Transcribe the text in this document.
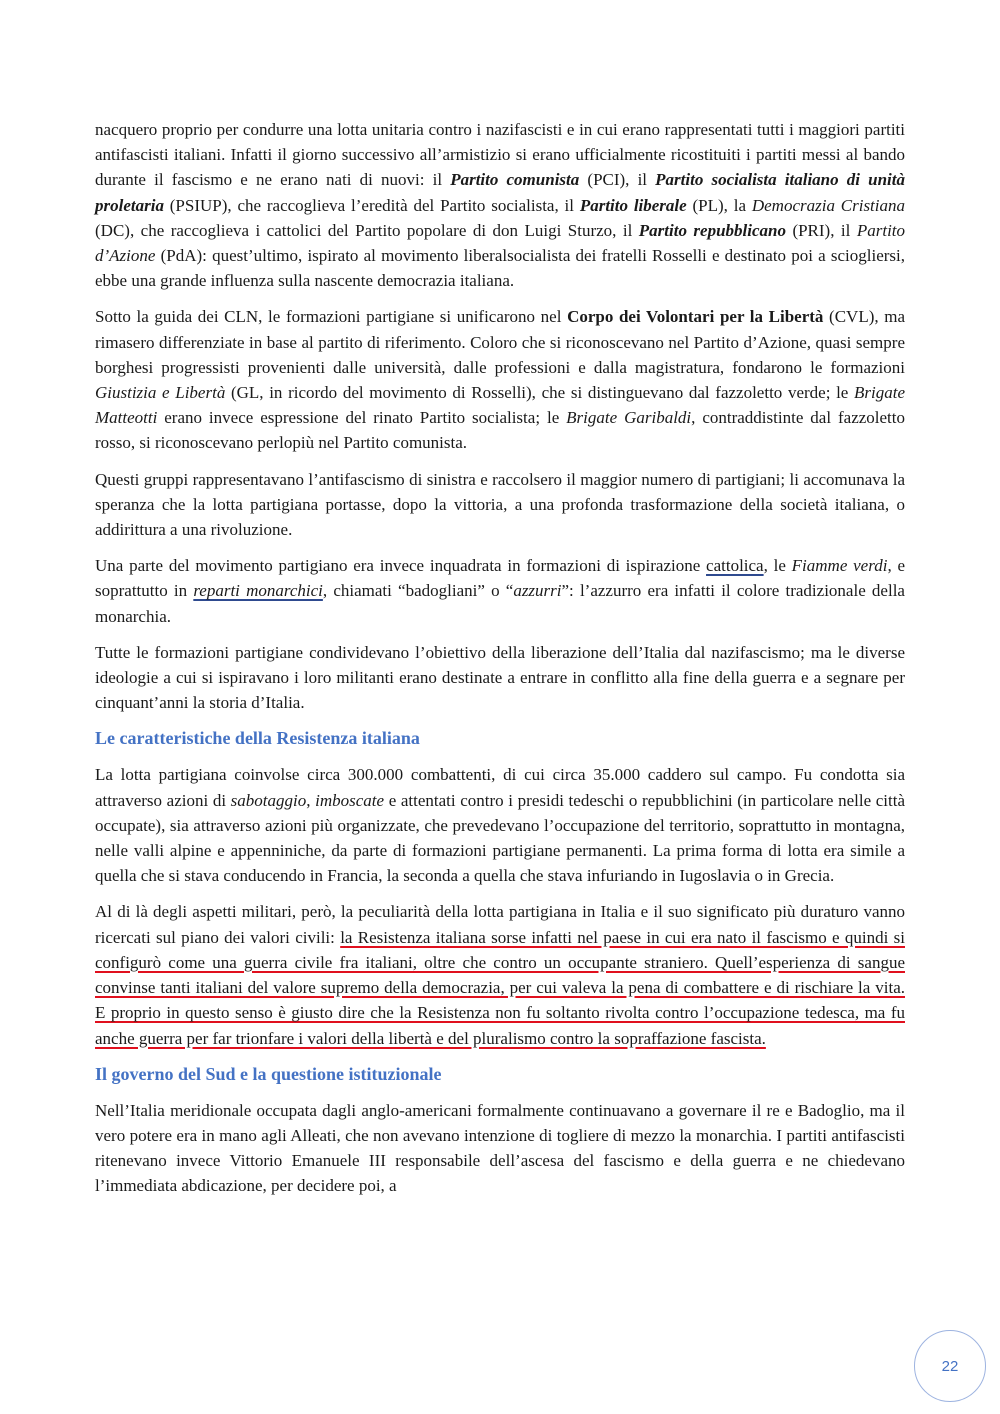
nacquero proprio per condurre una lotta unitaria contro i nazifascisti e in cui erano rappresentati tutti i maggiori partiti antifascisti italiani. Infatti il giorno successivo all’armistizio si erano ufficialmente ricostituiti i partiti messi al bando durante il fascismo e ne erano nati di nuovi: il Partito comunista (PCI), il Partito socialista italiano di unità proletaria (PSIUP), che raccoglieva l’eredità del Partito socialista, il Partito liberale (PL), la Democrazia Cristiana (DC), che raccoglieva i cattolici del Partito popolare di don Luigi Sturzo, il Partito repubblicano (PRI), il Partito d’Azione (PdA): quest’ultimo, ispirato al movimento liberalsocialista dei fratelli Rosselli e destinato poi a sciogliersi, ebbe una grande influenza sulla nascente democrazia italiana.

Sotto la guida dei CLN, le formazioni partigiane si unificarono nel Corpo dei Volontari per la Libertà (CVL), ma rimasero differenziate in base al partito di riferimento. Coloro che si riconoscevano nel Partito d’Azione, quasi sempre borghesi progressisti provenienti dalle università, dalle professioni e dalla magistratura, fondarono le formazioni Giustizia e Libertà (GL, in ricordo del movimento di Rosselli), che si distinguevano dal fazzoletto verde; le Brigate Matteotti erano invece espressione del rinato Partito socialista; le Brigate Garibaldi, contraddistinte dal fazzoletto rosso, si riconoscevano perlopiù nel Partito comunista.

Questi gruppi rappresentavano l’antifascismo di sinistra e raccolsero il maggior numero di partigiani; li accomunava la speranza che la lotta partigiana portasse, dopo la vittoria, a una profonda trasformazione della società italiana, o addirittura a una rivoluzione.

Una parte del movimento partigiano era invece inquadrata in formazioni di ispirazione cattolica, le Fiamme verdi, e soprattutto in reparti monarchici, chiamati “badogliani” o “azzurri”: l’azzurro era infatti il colore tradizionale della monarchia.

Tutte le formazioni partigiane condividevano l’obiettivo della liberazione dell’Italia dal nazifascismo; ma le diverse ideologie a cui si ispiravano i loro militanti erano destinate a entrare in conflitto alla fine della guerra e a segnare per cinquant’anni la storia d’Italia.

Le caratteristiche della Resistenza italiana

La lotta partigiana coinvolse circa 300.000 combattenti, di cui circa 35.000 caddero sul campo. Fu condotta sia attraverso azioni di sabotaggio, imboscate e attentati contro i presidi tedeschi o repubblichini (in particolare nelle città occupate), sia attraverso azioni più organizzate, che prevedevano l’occupazione del territorio, soprattutto in montagna, nelle valli alpine e appenniniche, da parte di formazioni partigiane permanenti. La prima forma di lotta era simile a quella che si stava conducendo in Francia, la seconda a quella che stava infuriando in Iugoslavia o in Grecia.

Al di là degli aspetti militari, però, la peculiarità della lotta partigiana in Italia e il suo significato più duraturo vanno ricercati sul piano dei valori civili: la Resistenza italiana sorse infatti nel paese in cui era nato il fascismo e quindi si configurò come una guerra civile fra italiani, oltre che contro un occupante straniero. Quell’esperienza di sangue convinse tanti italiani del valore supremo della democrazia, per cui valeva la pena di combattere e di rischiare la vita. E proprio in questo senso è giusto dire che la Resistenza non fu soltanto rivolta contro l’occupazione tedesca, ma fu anche guerra per far trionfare i valori della libertà e del pluralismo contro la sopraffazione fascista.

Il governo del Sud e la questione istituzionale

Nell’Italia meridionale occupata dagli anglo-americani formalmente continuavano a governare il re e Badoglio, ma il vero potere era in mano agli Alleati, che non avevano intenzione di togliere di mezzo la monarchia. I partiti antifascisti ritenevano invece Vittorio Emanuele III responsabile dell’ascesa del fascismo e della guerra e ne chiedevano l’immediata abdicazione, per decidere poi, a

22
